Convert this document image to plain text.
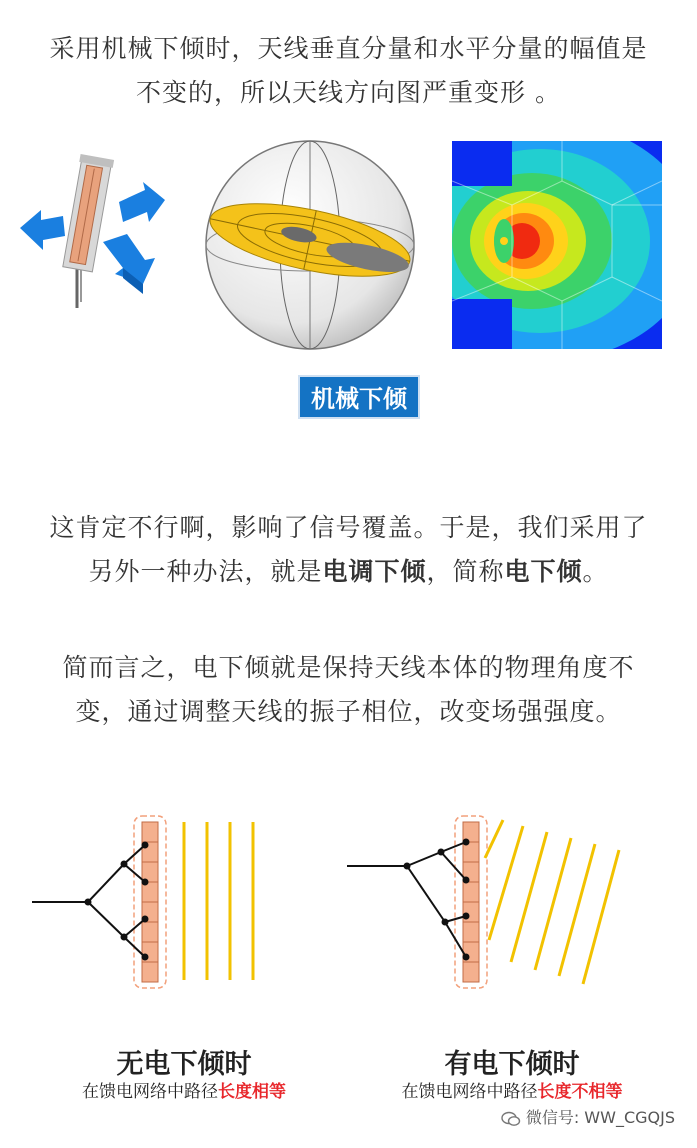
采用机械下倾时，天线垂直分量和水平分量的幅值是
不变的，所以天线方向图严重变形 。
机械下倾
这肯定不行啊，影响了信号覆盖。于是，我们采用了
另外一种办法，就是电调下倾，简称电下倾。
简而言之，电下倾就是保持天线本体的物理角度不
变，通过调整天线的振子相位，改变场强强度。
无电下倾时
在馈电网络中路径长度相等
有电下倾时
在馈电网络中路径长度不相等
微信号: WW_CGQJS
